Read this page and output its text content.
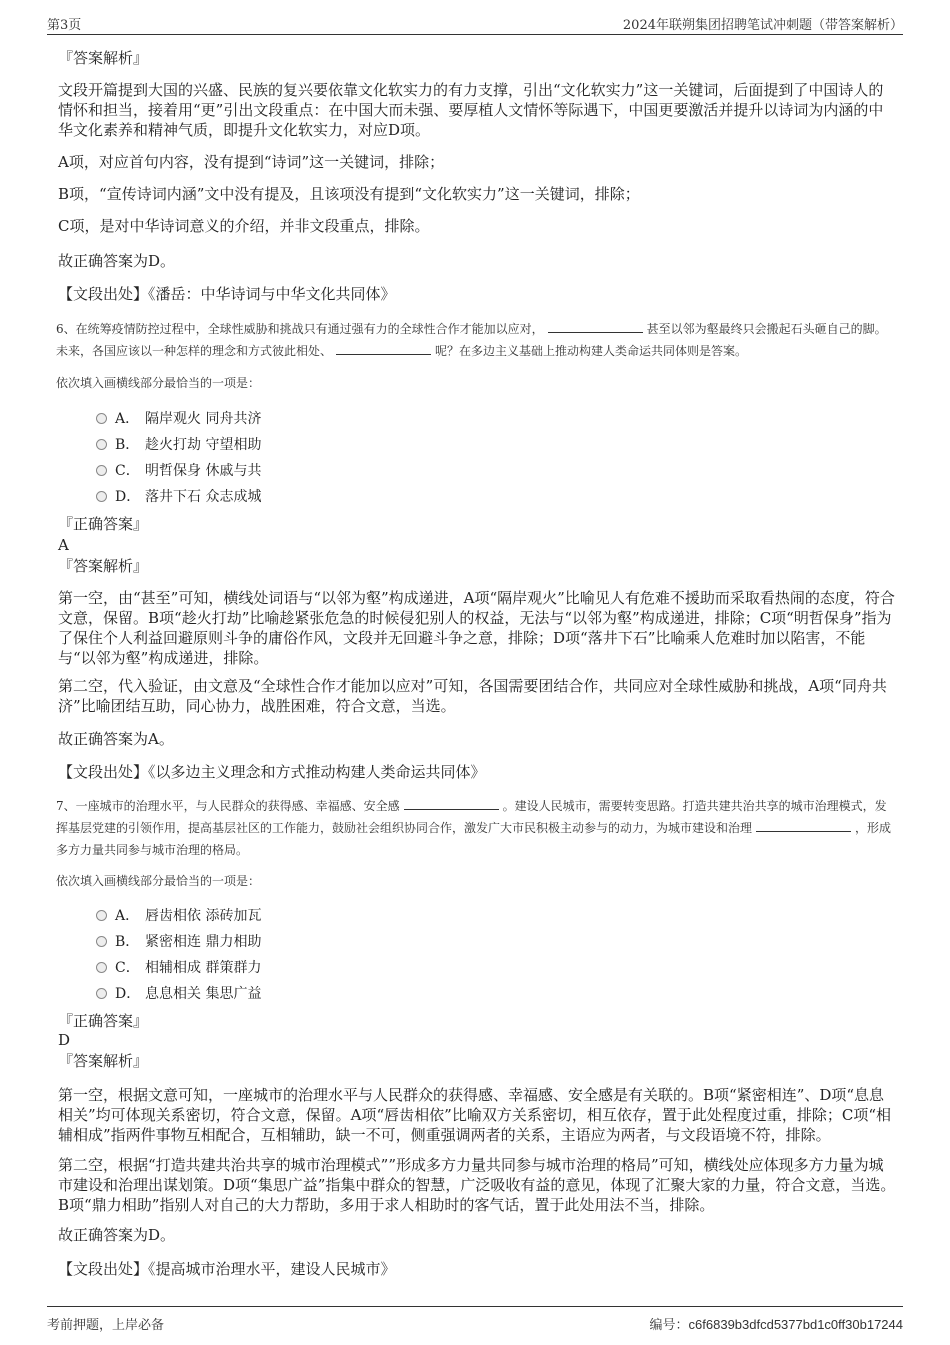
第3页	2024年联朔集团招聘笔试冲刺题（带答案解析）

『答案解析』

文段开篇提到大国的兴盛、民族的复兴要依靠文化软实力的有力支撑，引出“文化软实力”这一关键词，后面提到了中国诗人的情怀和担当，接着用“更”引出文段重点：在中国大而未强、要厚植人文情怀等际遇下，中国更要激活并提升以诗词为内涵的中华文化素养和精神气质，即提升文化软实力，对应D项。

A项，对应首句内容，没有提到“诗词”这一关键词，排除；

B项，“宣传诗词内涵”文中没有提及，且该项没有提到“文化软实力”这一关键词，排除；

C项，是对中华诗词意义的介绍，并非文段重点，排除。

故正确答案为D。

【文段出处】《潘岳：中华诗词与中华文化共同体》

6、在统筹疫情防控过程中，全球性威胁和挑战只有通过强有力的全球性合作才能加以应对，	甚至以邻为壑最终只会搬起石头砸自己的脚。未来，各国应该以一种怎样的理念和方式彼此相处、	呢？在多边主义基础上推动构建人类命运共同体则是答案。

依次填入画横线部分最恰当的一项是：

A． 隔岸观火 同舟共济
B． 趁火打劫 守望相助
C． 明哲保身 休戚与共
D． 落井下石 众志成城

『正确答案』

A

『答案解析』

第一空，由“甚至”可知，横线处词语与“以邻为壑”构成递进，A项“隔岸观火”比喻见人有危难不援助而采取看热闹的态度，符合文意，保留。B项“趁火打劫”比喻趁紧张危急的时候侵犯别人的权益，无法与“以邻为壑”构成递进，排除；C项“明哲保身”指为了保住个人利益回避原则斗争的庸俗作风，文段并无回避斗争之意，排除；D项“落井下石”比喻乘人危难时加以陷害，不能与“以邻为壑”构成递进，排除。

第二空，代入验证，由文意及“全球性合作才能加以应对”可知，各国需要团结合作，共同应对全球性威胁和挑战，A项“同舟共济”比喻团结互助，同心协力，战胜困难，符合文意，当选。

故正确答案为A。

【文段出处】《以多边主义理念和方式推动构建人类命运共同体》

7、一座城市的治理水平，与人民群众的获得感、幸福感、安全感	。建设人民城市，需要转变思路。打造共建共治共享的城市治理模式，发挥基层党建的引领作用，提高基层社区的工作能力，鼓励社会组织协同合作，激发广大市民积极主动参与的动力，为城市建设和治理	，形成多方力量共同参与城市治理的格局。

依次填入画横线部分最恰当的一项是：

A． 唇齿相依 添砖加瓦
B． 紧密相连 鼎力相助
C． 相辅相成 群策群力
D． 息息相关 集思广益

『正确答案』

D

『答案解析』

第一空，根据文意可知，一座城市的治理水平与人民群众的获得感、幸福感、安全感是有关联的。B项“紧密相连”、D项“息息相关”均可体现关系密切，符合文意，保留。A项“唇齿相依”比喻双方关系密切，相互依存，置于此处程度过重，排除；C项“相辅相成”指两件事物互相配合，互相辅助，缺一不可，侧重强调两者的关系，主语应为两者，与文段语境不符，排除。

第二空，根据“打造共建共治共享的城市治理模式””形成多方力量共同参与城市治理的格局”可知，横线处应体现多方力量为城市建设和治理出谋划策。D项“集思广益”指集中群众的智慧，广泛吸收有益的意见，体现了汇聚大家的力量，符合文意，当选。B项“鼎力相助”指别人对自己的大力帮助，多用于求人相助时的客气话，置于此处用法不当，排除。

故正确答案为D。

【文段出处】《提高城市治理水平，建设人民城市》

考前押题，上岸必备	编号：c6f6839b3dfcd5377bd1c0ff30b17244
